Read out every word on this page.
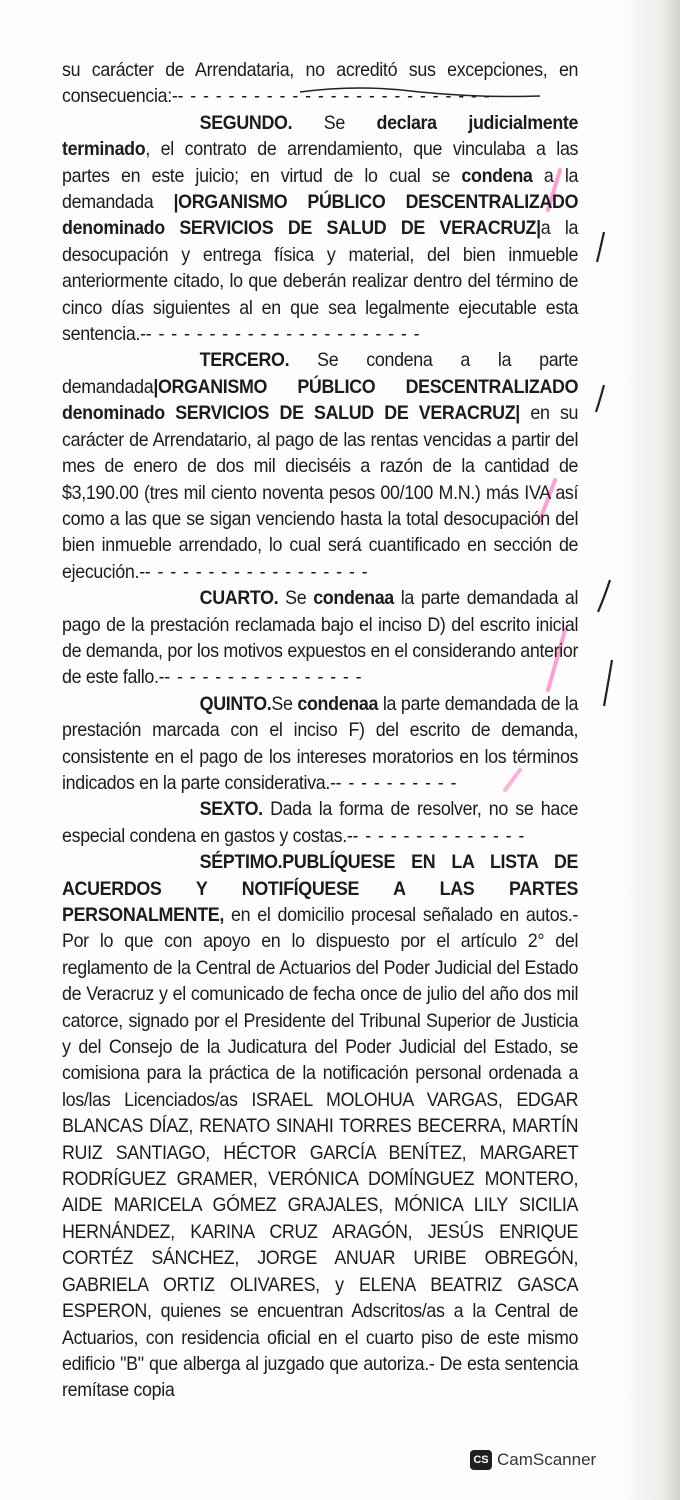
su carácter de Arrendataria, no acreditó sus excepciones, en consecuencia:-- - - - - - - - - - - - - - - - - - - - - - - - -

SEGUNDO. Se declara judicialmente terminado, el contrato de arrendamiento, que vinculaba a las partes en este juicio; en virtud de lo cual se condena a la demandada |ORGANISMO PÚBLICO DESCENTRALIZADO denominado SERVICIOS DE SALUD DE VERACRUZ|a la desocupación y entrega física y material, del bien inmueble anteriormente citado, lo que deberán realizar dentro del término de cinco días siguientes al en que sea legalmente ejecutable esta sentencia.-- - - - - - - - - - - - - - - - - - - - - -

TERCERO. Se condena a la parte demandada|ORGANISMO PÚBLICO DESCENTRALIZADO denominado SERVICIOS DE SALUD DE VERACRUZ| en su carácter de Arrendatario, al pago de las rentas vencidas a partir del mes de enero de dos mil dieciséis a razón de la cantidad de $3,190.00 (tres mil ciento noventa pesos 00/100 M.N.) más IVA así como a las que se sigan venciendo hasta la total desocupación del bien inmueble arrendado, lo cual será cuantificado en sección de ejecución.-- - - - - - - - - - - - - - - - - -

CUARTO. Se condenaa la parte demandada al pago de la prestación reclamada bajo el inciso D) del escrito inicial de demanda, por los motivos expuestos en el considerando anterior de este fallo.-- - - - - - - - - - - - - - - -

QUINTO.Se condenaa la parte demandada de la prestación marcada con el inciso F) del escrito de demanda, consistente en el pago de los intereses moratorios en los términos indicados en la parte considerativa.-- - - - - - - - - -

SEXTO. Dada la forma de resolver, no se hace especial condena en gastos y costas.-- - - - - - - - - - - - - -

SÉPTIMO.PUBLÍQUESE EN LA LISTA DE ACUERDOS Y NOTIFÍQUESE A LAS PARTES PERSONALMENTE, en el domicilio procesal señalado en autos.- Por lo que con apoyo en lo dispuesto por el artículo 2° del reglamento de la Central de Actuarios del Poder Judicial del Estado de Veracruz y el comunicado de fecha once de julio del año dos mil catorce, signado por el Presidente del Tribunal Superior de Justicia y del Consejo de la Judicatura del Poder Judicial del Estado, se comisiona para la práctica de la notificación personal ordenada a los/las Licenciados/as ISRAEL MOLOHUA VARGAS, EDGAR BLANCAS DÍAZ, RENATO SINAHI TORRES BECERRA, MARTÍN RUIZ SANTIAGO, HÉCTOR GARCÍA BENÍTEZ, MARGARET RODRÍGUEZ GRAMER, VERÓNICA DOMÍNGUEZ MONTERO, AIDE MARICELA GÓMEZ GRAJALES, MÓNICA LILY SICILIA HERNÁNDEZ, KARINA CRUZ ARAGÓN, JESÚS ENRIQUE CORTÉZ SÁNCHEZ, JORGE ANUAR URIBE OBREGÓN, GABRIELA ORTIZ OLIVARES, y ELENA BEATRIZ GASCA ESPERON, quienes se encuentran Adscritos/as a la Central de Actuarios, con residencia oficial en el cuarto piso de este mismo edificio "B" que alberga al juzgado que autoriza.- De esta sentencia remítase copia

CS CamScanner
